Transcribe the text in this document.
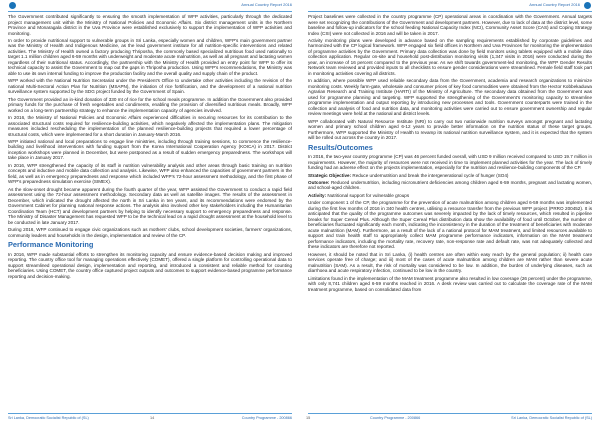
Annual Country Report 2016

The Government contributed significantly to ensuring the smooth implementation of WFP activities, particularly through the dedicated project management unit within the Ministry of National Policies and Economic Affairs. Six district management units in the Northern Province and Monaragala district in the Uva Province were established exclusively to support the implementation of WFP activities and monitoring.

In order to provide nutritional support to vulnerable groups in Sri Lanka, especially women and children, WFP's main government partner was the Ministry of Health and Indigenous Medicine, as the lead government institute for all nutrition-specific interventions and related activities. The Ministry of Health owned a factory producing Thriposha, the commonly based specialized nutritious food used nationally to target 1.1 million children aged 6-59 months with underweight and moderate acute malnutrition, as well as all pregnant and lactating women regardless of their nutritional status. Accordingly, the partnership with the Ministry of Health provided an entry point for WFP to offer its technical capacity to assist the Government to map out the gaps in Thriposha production. Using WFP's recommendations, the Ministry was able to use its own internal funding to improve the production facility and the overall quality and supply chain of the product.

WFP worked with the National Nutrition Secretariat under the President's Office to undertake other activities including the revision of the national Multi-Sectoral Action Plan for Nutrition (MSAPN), the initiation of rice fortification, and the development of a national nutrition surveillance system supported by the SDG project funded by the Government of Spain.

The Government provided an in-kind donation of 330 mt of rice for the school meals programme. In addition the Government also provided primary funds for the purchase of fresh vegetables and condiments, enabling the provision of diversified nutritious meals. Broadly, WFP worked on a long-term partnership strategy to enhance the implementation capacity of agencies involved.

In 2016, the Ministry of National Policies and Economic Affairs experienced difficulties in securing resources for its contribution to the associated structural costs required for resilience-building activities, which negatively affected the implementation plans. The mitigation measures included rescheduling the implementation of the planned resilience-building projects that required a lower percentage of structural costs, which were implemented for a short duration in January-March 2016.

WFP initiated national and local preparations to engage line ministries, including through training sessions, to commence the resilience-building and livelihood interventions with funding support from the Korea International Cooperation Agency (KOICA) in 2017. District inception workshops were planned in December, but were postponed as a result of sudden emergency preparedness. The workshops will take place in January 2017.

In 2016, WFP strengthened the capacity of its staff in nutrition vulnerability analysis and other areas through basic training on nutrition concepts and inductive and mobile data collection and analysis. Likewise, WFP also enhanced the capacities of government partners in the field, as well as in emergency preparedness and response which included WFP's 72-hour assessment methodology, and the first phase of WFP's preparedness simulation exercise (SIMEX).

As the slow-onset drought became apparent during the fourth quarter of the year, WFP assisted the Government to conduct a rapid field assessment using the 72-hour assessment methodology. Secondary data as well as satellite images. The results of the assessment in December, which indicated the drought affected the north in Sri Lanka in ten years, and its recommendations were endorsed by the Government Cabinet for planning national response actions. The analysis also involved other key stakeholders including the Humanitarian Coordination Team (HCT) and development partners by helping to identify necessary support to emergency preparedness and response. The Ministry of Disaster Management has requested WFP to be the technical lead on a rapid drought assessment at the household level to be conducted in late January 2017.

During 2016, WFP continued to engage civic organizations such as mothers' clubs, school development societies, farmers' organizations, community leaders and households in the design, implementation and review of the CP.

Performance Monitoring

In 2016, WFP made substantial efforts to strengthen its monitoring capacity and ensure evidence-based decision making and improved reporting. The country office tool for managing operations effectively (COMET), offered a single platform for controlling operational data to support streamlined operational design, implementation and reporting, and introduced a consistent and reliable method for counting beneficiaries. Using COMET, the country office captured project outputs and outcomes to support evidence-based programme performance reporting and decision-making.

Sri Lanka, Democratic Socialist Republic of (SL)	14	Country Programme - 200866
Annual Country Report 2016

Project baselines were collected in the country programme (CP) operational areas in coordination with the Government. Annual targets were set recognizing the contributions of the Government and development partners. However, due to lack of data at the district level, some baseline and follow-up indicators for the school feeding National Capacity Index (NCI), Community Asset Score (CAS) and Coping Strategy Index (CSI) were not collected in 2016 and will be taken in 2017.

Activity monitoring plans were developed in advance based on the sampling requirements established by corporate guidelines and harmonized with the CP logical framework. WFP engaged six field offices in Northern and Uva Provinces for monitoring the implementation of programme activities by the Government. Primary data collection was done by field monitors using tablets equipped with a mobile data collection application. Regular on-site and household post-distribution monitoring visits (1,347 visits in 2016) were conducted during the year, an increase of 16 percent compared to the previous year. As we shift towards government-led monitoring, the WFP Gender Results Network team reviewed and provided inputs to all checklists to ensure gender considerations were streamlined. Female field staff took part in monitoring activities covering all districts.

In addition, where possible WFP used reliable secondary data from the Government, academia and research organizations to minimize monitoring costs. Weekly farm-gate, wholesale and consumer prices of key food commodities were obtained from the Hector Kobbekaduwa Agrarian Research and Training Institute (HARTI) of the Ministry of Agriculture. The secondary data obtained from the Government was used for programme planning and targeting. WFP supported the strengthening of the Government's monitoring capacity to streamline programme implementation and output reporting by introducing new processes and tools. Government counterparts were trained in the collection and analysis of food and nutrition data, and monitoring activities were carried out to ensure government ownership and regular review meetings were held at the national and district levels.

WFP collaborated with Natural Resource Institute (NRI) to carry out two nationwide nutrition surveys amongst pregnant and lactating women and primary school children aged 6-12 years to provide better information on the nutrition status of these target groups. Furthermore, WFP supported the Ministry of Health to revamp its national nutrition surveillance system, and it is expected that the system will be rolled out across the country in 2017.

Results/Outcomes

In 2016, the two-year country programme (CP) was 46 percent funded overall, with USD 9 million received compared to USD 19.7 million in requirements. However, the majority of resources were not received in time to implement planned activities for the year. The lack of timely funding had an adverse effect on the projects implementation, especially for the nutrition and resilience-building components of the CP.

Strategic Objective: Reduce undernutrition and break the intergenerational cycle of hunger (SO4)

Outcome: Reduced undernutrition, including micronutrient deficiencies among children aged 6-59 months, pregnant and lactating women, and school-aged children.

Activity: Nutritional support for vulnerable groups

Under component 1 of the CP, the programme for the prevention of acute malnutrition among children aged 6-59 months was implemented during the first few months of 2016 in 340 health centres, utilising a resource transfer from the previous WFP project (PRRO 200452). It is anticipated that the quality of the programme outcomes was severely impacted by the lack of timely resources, which resulted in pipeline breaks for Super Cereal Plus. Although the Super Cereal Plus distribution data show the availability of food until October, the number of beneficiaries fluctuated significantly each month, indicating the inconsistency in the duration of the treatment of beneficiaries with moderate acute malnutrition (MAM). Furthermore, as a result of the lack of a national protocol for MAM treatment, and limited resources available to support and train health staff to appropriately collect MAM programme performance indicators, information on the MAM treatment performance indicators, including the mortality rate, recovery rate, non-response rate and default rate, was not adequately collected and these indicators are therefore not reported.

However, it should be noted that in Sri Lanka, (i) health centres are often within easy reach by the general population; ii) health care services operate free of charge; and iii) most of the cases of acute malnutrition among children are MAM rather than severe acute malnutrition (SAM). As a result, the risk of mortality was considered to be low. In addition, the burden of underlying diseases, such as diarrhoea and acute respiratory infection, continued to be low in the country.

Limitations found in the implementation of the MAM treatment programme also resulted in low coverage (26 percent) under the programme, with only 8,741 children aged 6-59 months reached in 2016. A desk review was carried out to calculate the coverage rate of the MAM treatment programme, based on consolidated data from

15	Country Programme - 200866	Sri Lanka, Democratic Socialist Republic of (SL)
